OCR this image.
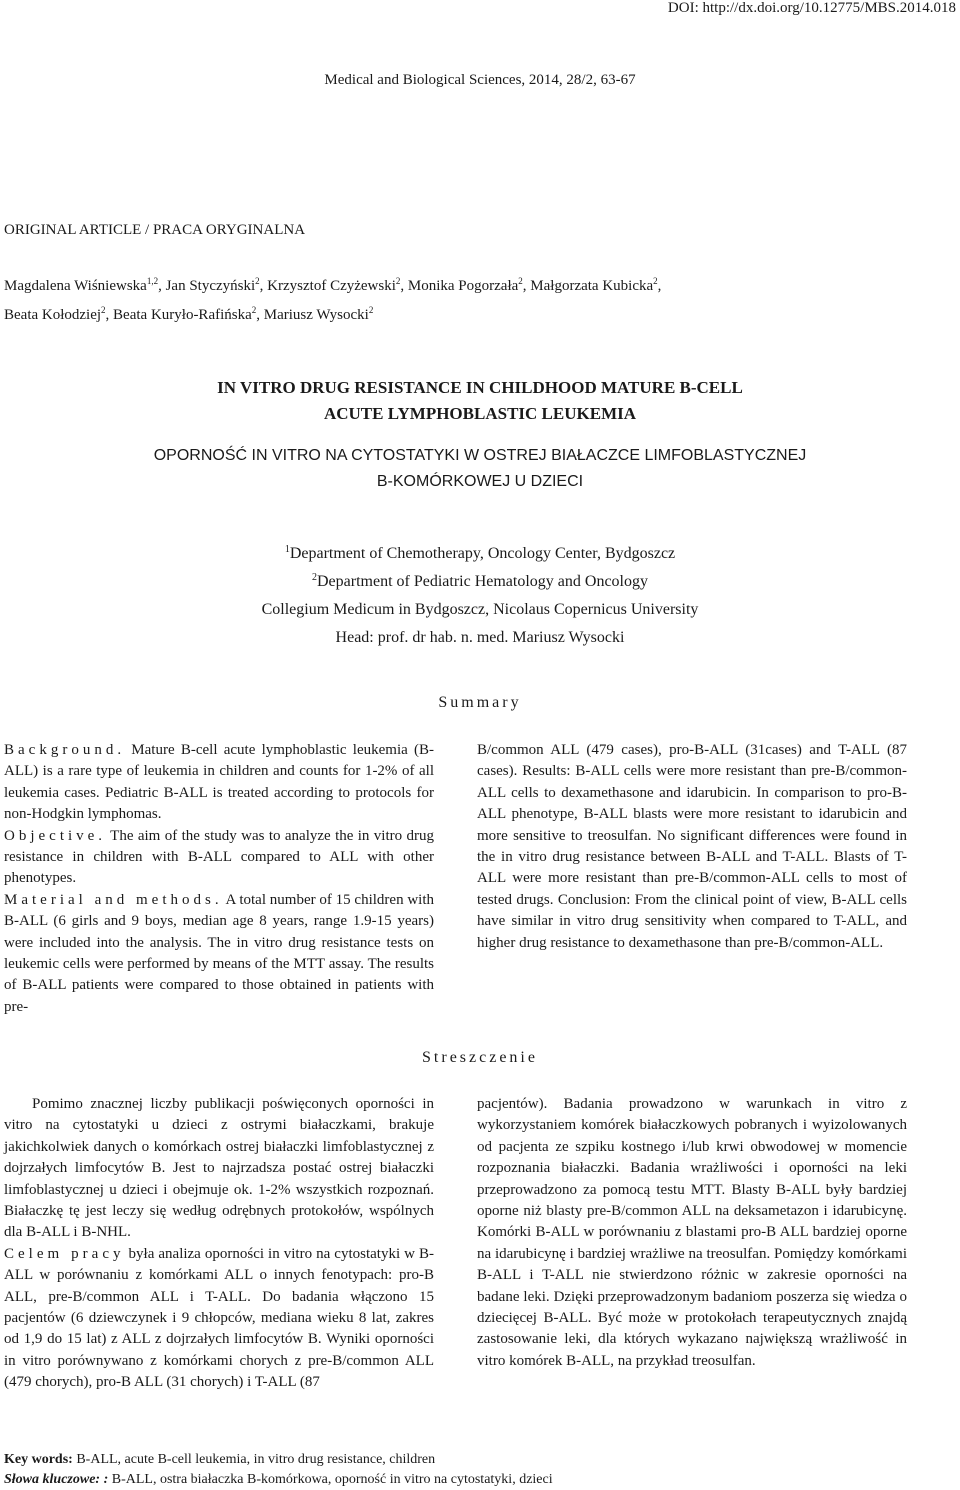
DOI: http://dx.doi.org/10.12775/MBS.2014.018
Medical and Biological Sciences, 2014, 28/2, 63-67
ORIGINAL ARTICLE / PRACA ORYGINALNA
Magdalena Wiśniewska$^{1,2}$, Jan Styczyński$^2$, Krzysztof Czyżewski$^2$, Monika Pogorzała$^2$, Małgorzata Kubicka$^2$,
Beata Kołodziej$^2$, Beata Kuryło-Rafińska$^2$, Mariusz Wysocki$^2$
IN VITRO DRUG RESISTANCE IN CHILDHOOD MATURE B-CELL
ACUTE LYMPHOBLASTIC LEUKEMIA
OPORNOŚĆ IN VITRO NA CYTOSTATYKI W OSTREJ BIAŁACZCE LIMFOBLASTYCZNEJ
B-KOMÓRKOWEJ U DZIECI
$^1$Department of Chemotherapy, Oncology Center, Bydgoszcz
$^2$Department of Pediatric Hematology and Oncology
Collegium Medicum in Bydgoszcz, Nicolaus Copernicus University
Head: prof. dr hab. n. med. Mariusz Wysocki
Summary

Background. Mature B-cell acute lymphoblastic leukemia (B-ALL) is a rare type of leukemia in children and counts for 1-2% of all leukemia cases. Pediatric B-ALL is treated according to protocols for non-Hodgkin lymphomas.

Objective. The aim of the study was to analyze the in vitro drug resistance in children with B-ALL compared to ALL with other phenotypes.

Material and methods. A total number of 15 children with B-ALL (6 girls and 9 boys, median age 8 years, range 1.9-15 years) were included into the analysis. The in vitro drug resistance tests on leukemic cells were performed by means of the MTT assay. The results of B-ALL patients were compared to those obtained in patients with pre-

B/common ALL (479 cases), pro-B-ALL (31cases) and T-ALL (87 cases). Results: B-ALL cells were more resistant than pre-B/common-ALL cells to dexamethasone and idarubicin. In comparison to pro-B-ALL phenotype, B-ALL blasts were more resistant to idarubicin and more sensitive to treosulfan. No significant differences were found in the in vitro drug resistance between B-ALL and T-ALL. Blasts of T-ALL were more resistant than pre-B/common-ALL cells to most of tested drugs. Conclusion: From the clinical point of view, B-ALL cells have similar in vitro drug sensitivity when compared to T-ALL, and higher drug resistance to dexamethasone than pre-B/common-ALL.

Streszczenie

Pomimo znacznej liczby publikacji poświęconych oporności in vitro na cytostatyki u dzieci z ostrymi białaczkami, brakuje jakichkolwiek danych o komórkach ostrej białaczki limfoblastycznej z dojrzałych limfocytów B. Jest to najrzadsza postać ostrej białaczki limfoblastycznej u dzieci i obejmuje ok. 1-2% wszystkich rozpoznań. Białaczkę tę jest leczy się według odrębnych protokołów, wspólnych dla B-ALL i B-NHL.

Celem pracy była analiza oporności in vitro na cytostatyki w B-ALL w porównaniu z komórkami ALL o innych fenotypach: pro-B ALL, pre-B/common ALL i T-ALL. Do badania włączono 15 pacjentów (6 dziewczynek i 9 chłopców, mediana wieku 8 lat, zakres od 1,9 do 15 lat) z ALL z dojrzałych limfocytów B. Wyniki oporności in vitro porównywano z komórkami chorych z pre-B/common ALL (479 chorych), pro-B ALL (31 chorych) i T-ALL (87

pacjentów). Badania prowadzono w warunkach in vitro z wykorzystaniem komórek białaczkowych pobranych i wyizolowanych od pacjenta ze szpiku kostnego i/lub krwi obwodowej w momencie rozpoznania białaczki. Badania wrażliwości i oporności na leki przeprowadzono za pomocą testu MTT. Blasty B-ALL były bardziej oporne niż blasty pre-B/common ALL na deksametazon i idarubicynę. Komórki B-ALL w porównaniu z blastami pro-B ALL bardziej oporne na idarubicynę i bardziej wrażliwe na treosulfan. Pomiędzy komórkami B-ALL i T-ALL nie stwierdzono różnic w zakresie oporności na badane leki. Dzięki przeprowadzonym badaniom poszerza się wiedza o dziecięcej B-ALL. Być może w protokołach terapeutycznych znajdą zastosowanie leki, dla których wykazano największą wrażliwość in vitro komórek B-ALL, na przykład treosulfan.

Key words: B-ALL, acute B-cell leukemia, in vitro drug resistance, children
Słowa kluczowe: : B-ALL, ostra białaczka B-komórkowa, oporność in vitro na cytostatyki, dzieci
